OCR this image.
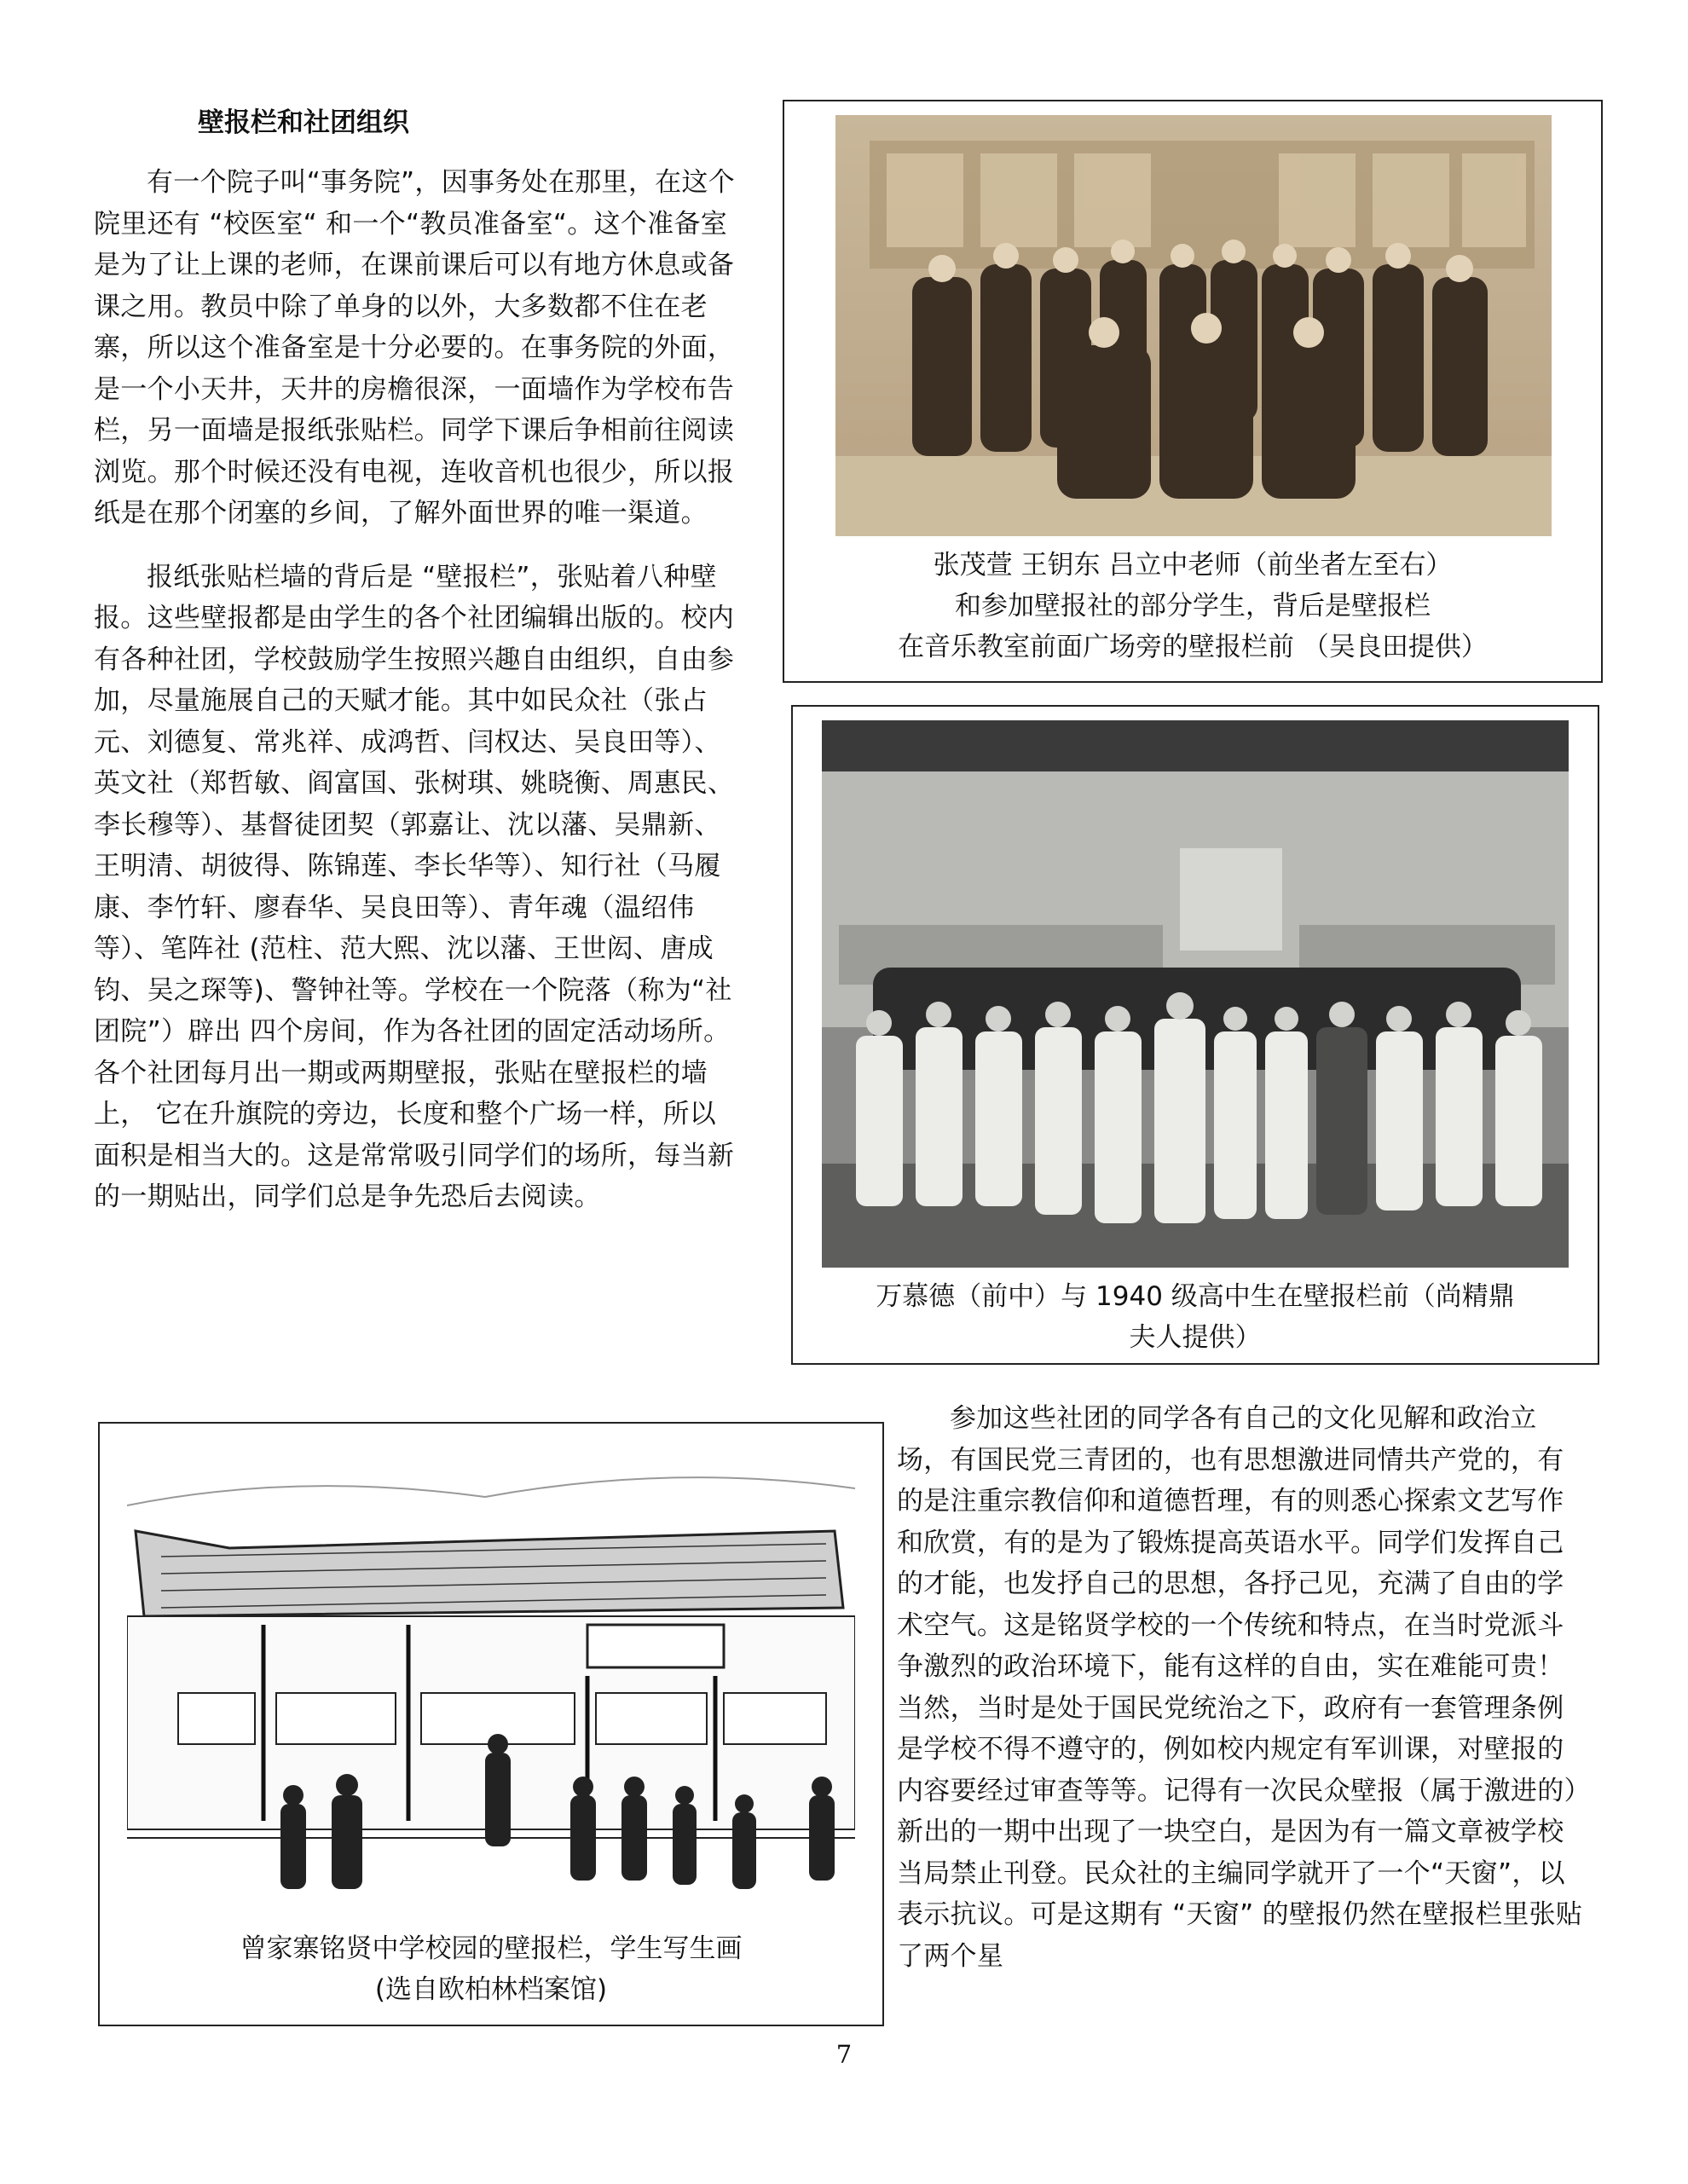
壁报栏和社团组织

有一个院子叫“事务院”，因事务处在那里，在这个院里还有 “校医室“ 和一个“教员准备室“。这个准备室是为了让上课的老师，在课前课后可以有地方休息或备课之用。教员中除了单身的以外，大多数都不住在老寨，所以这个准备室是十分必要的。在事务院的外面，是一个小天井，天井的房檐很深，一面墙作为学校布告栏，另一面墙是报纸张贴栏。同学下课后争相前往阅读浏览。那个时候还没有电视，连收音机也很少，所以报纸是在那个闭塞的乡间，了解外面世界的唯一渠道。

报纸张贴栏墙的背后是 “壁报栏”，张贴着八种壁报。这些壁报都是由学生的各个社团编辑出版的。校内有各种社团，学校鼓励学生按照兴趣自由组织，自由参加，尽量施展自己的天赋才能。其中如民众社（张占元、刘德复、常兆祥、成鸿哲、闫权达、吴良田等）、英文社（郑哲敏、阎富国、张树琪、姚晓衡、周惠民、李长穆等）、基督徒团契（郭嘉让、沈以藩、吴鼎新、王明清、胡彼得、陈锦莲、李长华等）、知行社（马履康、李竹轩、廖春华、吴良田等）、青年魂（温绍伟等）、笔阵社 (范柱、范大熙、沈以藩、王世闳、唐成钧、吴之琛等)、警钟社等。学校在一个院落（称为“社团院”）辟出 四个房间，作为各社团的固定活动场所。各个社团每月出一期或两期壁报，张贴在壁报栏的墙上， 它在升旗院的旁边，长度和整个广场一样，所以面积是相当大的。这是常常吸引同学们的场所，每当新的一期贴出，同学们总是争先恐后去阅读。

张茂萱 王钥东 吕立中老师（前坐者左至右）
和参加壁报社的部分学生，背后是壁报栏
在音乐教室前面广场旁的壁报栏前 （吴良田提供）
万慕德（前中）与 1940 级高中生在壁报栏前（尚精鼎
夫人提供）
曾家寨铭贤中学校园的壁报栏，学生写生画
(选自欧柏林档案馆)

参加这些社团的同学各有自己的文化见解和政治立场，有国民党三青团的，也有思想激进同情共产党的，有的是注重宗教信仰和道德哲理，有的则悉心探索文艺写作和欣赏，有的是为了锻炼提高英语水平。同学们发挥自己的才能，也发抒自己的思想，各抒己见，充满了自由的学术空气。这是铭贤学校的一个传统和特点，在当时党派斗争激烈的政治环境下，能有这样的自由，实在难能可贵！当然，当时是处于国民党统治之下，政府有一套管理条例是学校不得不遵守的，例如校内规定有军训课，对壁报的内容要经过审查等等。记得有一次民众壁报（属于激进的）新出的一期中出现了一块空白，是因为有一篇文章被学校当局禁止刊登。民众社的主编同学就开了一个“天窗”，以表示抗议。可是这期有 “天窗” 的壁报仍然在壁报栏里张贴了两个星

7
